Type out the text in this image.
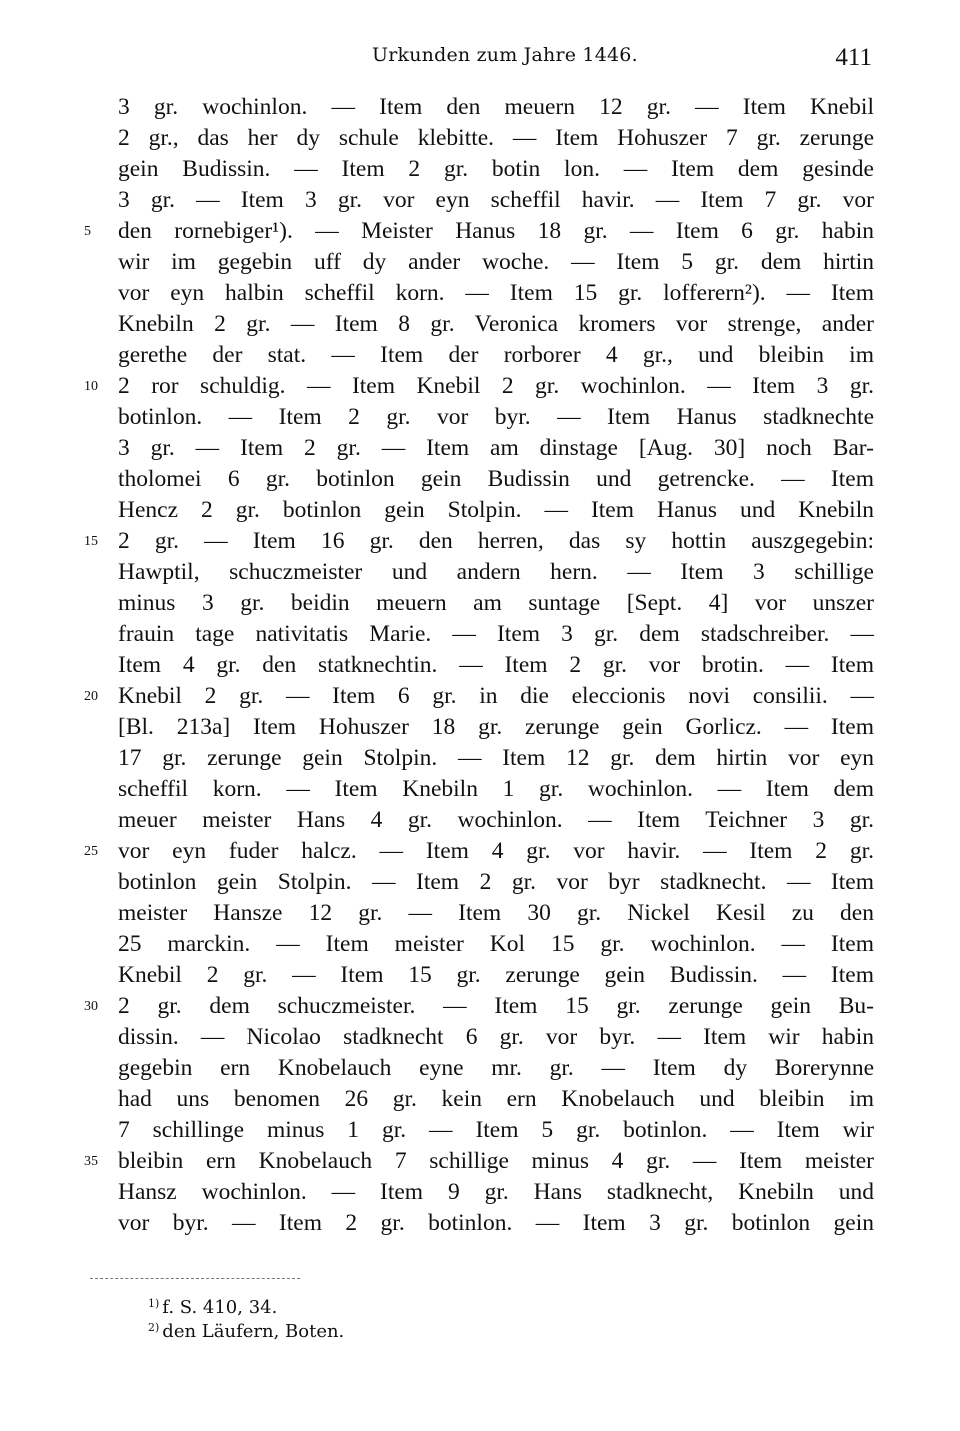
Urkunden zum Jahre 1446.	411
3 gr. wochinlon. — Item den meuern 12 gr. — Item Knebil
2 gr., das her dy schule klebitte. — Item Hohuszer 7 gr. zerunge
gein Budissin. — Item 2 gr. botin lon. — Item dem gesinde
3 gr. — Item 3 gr. vor eyn scheffil havir. — Item 7 gr. vor
5	den rornebiger¹). — Meister Hanus 18 gr. — Item 6 gr. habin
wir im gegebin uff dy ander woche. — Item 5 gr. dem hirtin
vor eyn halbin scheffil korn. — Item 15 gr. lofferern²). — Item
Knebiln 2 gr. — Item 8 gr. Veronica kromers vor strenge, ander
gerethe der stat. — Item der rorborer 4 gr., und bleibin im
10 2 ror schuldig. — Item Knebil 2 gr. wochinlon. — Item 3 gr.
botinlon. — Item 2 gr. vor byr. — Item Hanus stadknechte
3 gr. — Item 2 gr. — Item am dinstage [Aug. 30] noch Bar-
tholomei 6 gr. botinlon gein Budissin und getrencke. — Item
Hencz 2 gr. botinlon gein Stolpin. — Item Hanus und Knebiln
15 2 gr. — Item 16 gr. den herren, das sy hottin auszgegebin:
Hawptil, schuczmeister und andern hern. — Item 3 schillige
minus 3 gr. beidin meuern am suntage [Sept. 4] vor unszer
frauin tage nativitatis Marie. — Item 3 gr. dem stadschreiber. —
Item 4 gr. den statknechtin. — Item 2 gr. vor brotin. — Item
20 Knebil 2 gr. — Item 6 gr. in die eleccionis novi consilii. —
[Bl. 213a] Item Hohuszer 18 gr. zerunge gein Gorlicz. — Item
17 gr. zerunge gein Stolpin. — Item 12 gr. dem hirtin vor eyn
scheffil korn. — Item Knebiln 1 gr. wochinlon. — Item dem
meuer meister Hans 4 gr. wochinlon. — Item Teichner 3 gr.
25 vor eyn fuder halcz. — Item 4 gr. vor havir. — Item 2 gr.
botinlon gein Stolpin. — Item 2 gr. vor byr stadknecht. — Item
meister Hansze 12 gr. — Item 30 gr. Nickel Kesil zu den
25 marckin. — Item meister Kol 15 gr. wochinlon. — Item
Knebil 2 gr. — Item 15 gr. zerunge gein Budissin. — Item
30 2 gr. dem schuczmeister. — Item 15 gr. zerunge gein Bu-
dissin. — Nicolao stadknecht 6 gr. vor byr. — Item wir habin
gegebin ern Knobelauch eyne mr. gr. — Item dy Borerynne
had uns benomen 26 gr. kein ern Knobelauch und bleibin im
7 schillinge minus 1 gr. — Item 5 gr. botinlon. — Item wir
35 bleibin ern Knobelauch 7 schillige minus 4 gr. — Item meister
Hansz wochinlon. — Item 9 gr. Hans stadknecht, Knebiln und
vor byr. — Item 2 gr. botinlon. — Item 3 gr. botinlon gein
$^{1)}$ f. S. 410, 34.
$^{2)}$ den Läufern, Boten.
